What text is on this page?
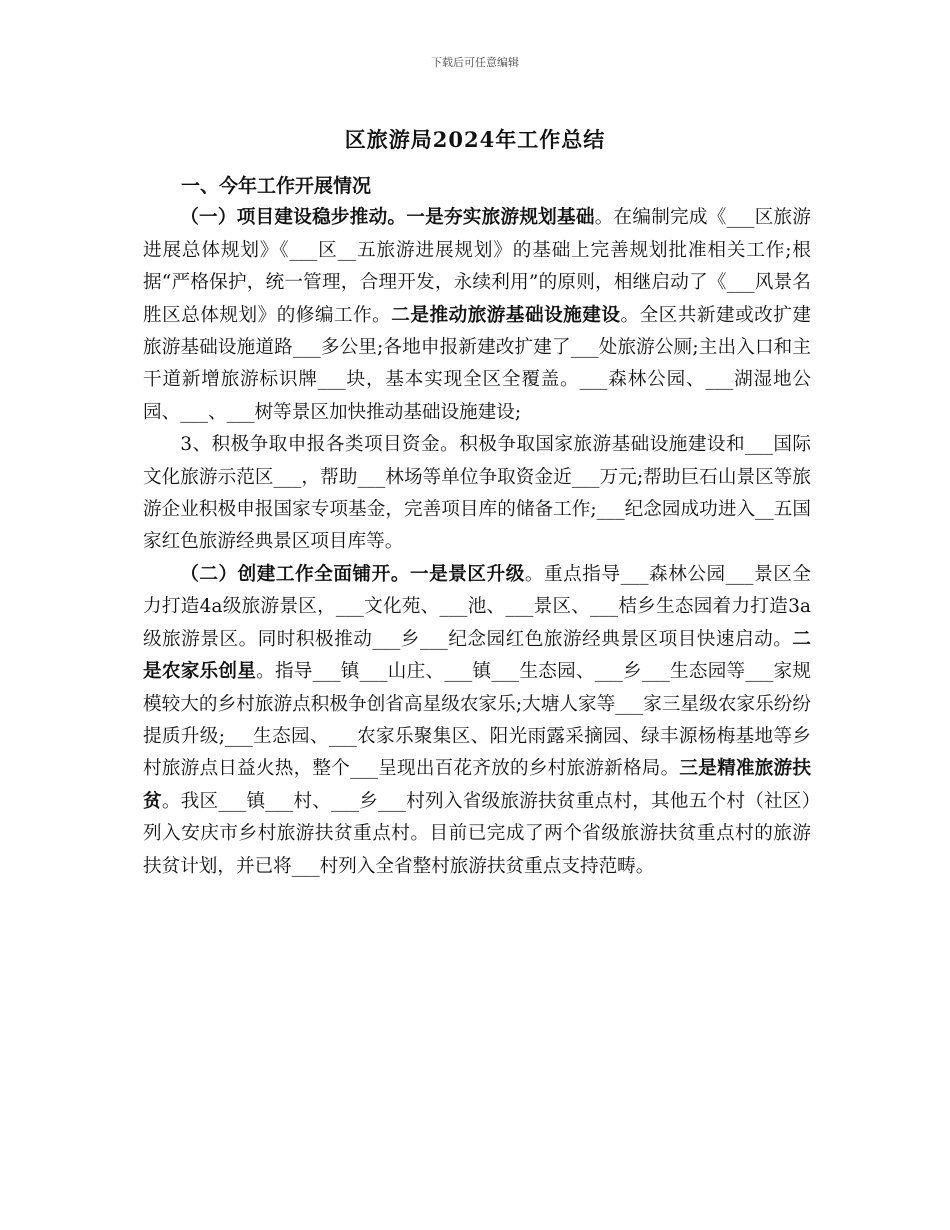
下载后可任意编辑
区旅游局2024年工作总结
一、今年工作开展情况

（一）项目建设稳步推动。一是夯实旅游规划基础。在编制完成《___区旅游进展总体规划》《___区__五旅游进展规划》的基础上完善规划批准相关工作;根据“严格保护，统一管理，合理开发，永续利用”的原则，相继启动了《___风景名胜区总体规划》的修编工作。二是推动旅游基础设施建设。全区共新建或改扩建旅游基础设施道路___多公里;各地申报新建改扩建了___处旅游公厕;主出入口和主干道新增旅游标识牌___块，基本实现全区全覆盖。___森林公园、___湖湿地公园、___、___树等景区加快推动基础设施建设;

3、积极争取申报各类项目资金。积极争取国家旅游基础设施建设和___国际文化旅游示范区___，帮助___林场等单位争取资金近___万元;帮助巨石山景区等旅游企业积极申报国家专项基金，完善项目库的储备工作;___纪念园成功进入__五国家红色旅游经典景区项目库等。

（二）创建工作全面铺开。一是景区升级。重点指导___森林公园___景区全力打造4a级旅游景区，___文化苑、___池、___景区、___桔乡生态园着力打造3a级旅游景区。同时积极推动___乡___纪念园红色旅游经典景区项目快速启动。二是农家乐创星。指导___镇___山庄、___镇___生态园、___乡___生态园等___家规模较大的乡村旅游点积极争创省高星级农家乐;大塘人家等___家三星级农家乐纷纷提质升级;___生态园、___农家乐聚集区、阳光雨露采摘园、绿丰源杨梅基地等乡村旅游点日益火热，整个___呈现出百花齐放的乡村旅游新格局。三是精准旅游扶贫。我区___镇___村、___乡___村列入省级旅游扶贫重点村，其他五个村（社区）列入安庆市乡村旅游扶贫重点村。目前已完成了两个省级旅游扶贫重点村的旅游扶贫计划，并已将___村列入全省整村旅游扶贫重点支持范畴。
